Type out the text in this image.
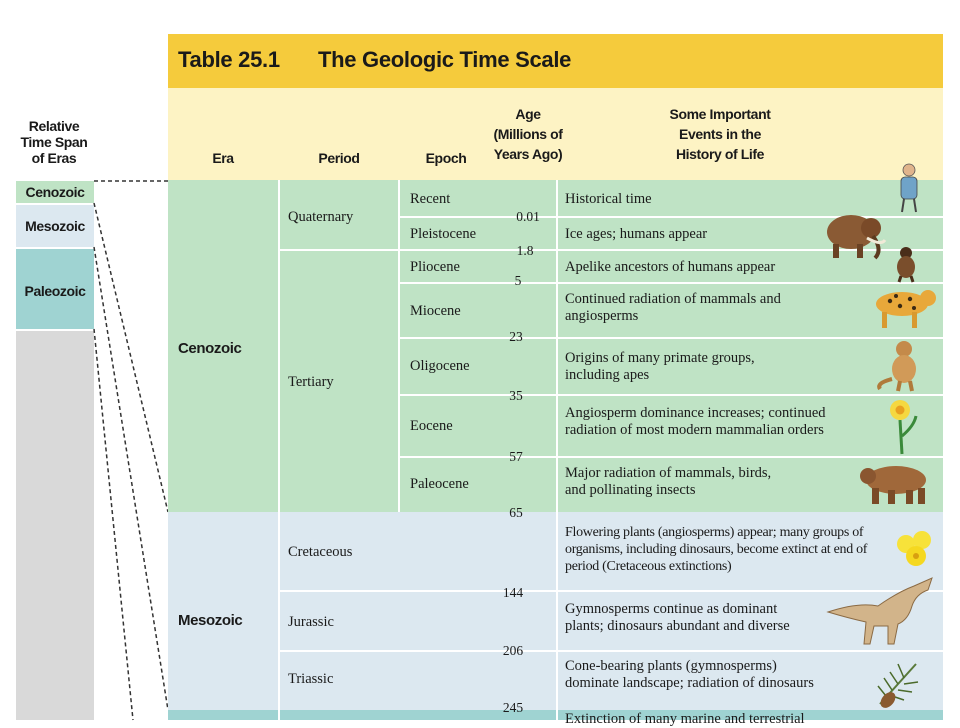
Table 25.1 The Geologic Time Scale
Era	Period	Epoch
Age
(Millions of
Years Ago)
Some Important
Events in the
History of Life
Relative
Time Span
of Eras
Cenozoic
Mesozoic
Paleozoic
Cenozoic
Mesozoic
Quaternary
Tertiary
Cretaceous
Jurassic
Triassic
Recent
Pleistocene
Pliocene
Miocene
Oligocene
Eocene
Paleocene
0.01
1.8
5
23
35
57
65
144
206
245
Historical time
Ice ages; humans appear
Apelike ancestors of humans appear
Continued radiation of mammals and
angiosperms
Origins of many primate groups,
including apes
Angiosperm dominance increases; continued
radiation of most modern mammalian orders
Major radiation of mammals, birds,
and pollinating insects
Flowering plants (angiosperms) appear; many groups of
organisms, including dinosaurs, become extinct at end of
period (Cretaceous extinctions)
Gymnosperms continue as dominant
plants; dinosaurs abundant and diverse
Cone-bearing plants (gymnosperms)
dominate landscape; radiation of dinosaurs
Extinction of many marine and terrestrial
